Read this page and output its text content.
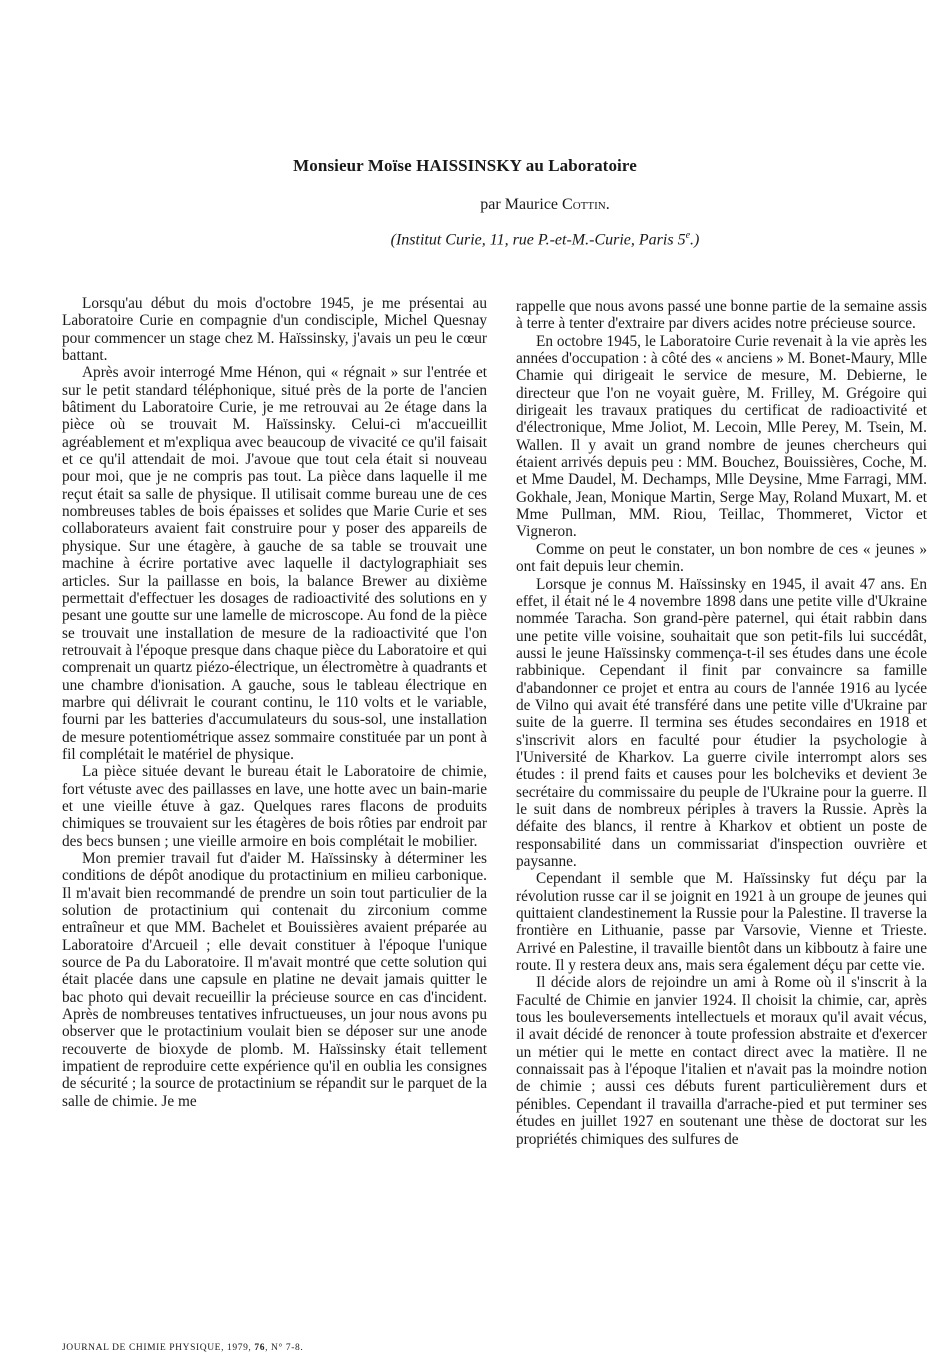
Monsieur Moïse HAISSINSKY au Laboratoire
par Maurice Cottin.
(Institut Curie, 11, rue P.-et-M.-Curie, Paris 5e.)

Lorsqu'au début du mois d'octobre 1945, je me présentai au Laboratoire Curie en compagnie d'un condisciple, Michel Quesnay pour commencer un stage chez M. Haïssinsky, j'avais un peu le cœur battant.

Après avoir interrogé Mme Hénon, qui « régnait » sur l'entrée et sur le petit standard téléphonique, situé près de la porte de l'ancien bâtiment du Laboratoire Curie, je me retrouvai au 2e étage dans la pièce où se trouvait M. Haïssinsky. Celui-ci m'accueillit agréablement et m'expliqua avec beaucoup de vivacité ce qu'il faisait et ce qu'il attendait de moi. J'avoue que tout cela était si nouveau pour moi, que je ne compris pas tout. La pièce dans laquelle il me reçut était sa salle de physique. Il utilisait comme bureau une de ces nombreuses tables de bois épaisses et solides que Marie Curie et ses collaborateurs avaient fait construire pour y poser des appareils de physique. Sur une étagère, à gauche de sa table se trouvait une machine à écrire portative avec laquelle il dactylographiait ses articles. Sur la paillasse en bois, la balance Brewer au dixième permettait d'effectuer les dosages de radioactivité des solutions en y pesant une goutte sur une lamelle de microscope. Au fond de la pièce se trouvait une installation de mesure de la radioactivité que l'on retrouvait à l'époque presque dans chaque pièce du Laboratoire et qui comprenait un quartz piézo-électrique, un électromètre à quadrants et une chambre d'ionisation. A gauche, sous le tableau électrique en marbre qui délivrait le courant continu, le 110 volts et le variable, fourni par les batteries d'accumulateurs du sous-sol, une installation de mesure potentiométrique assez sommaire constituée par un pont à fil complétait le matériel de physique.

La pièce située devant le bureau était le Laboratoire de chimie, fort vétuste avec des paillasses en lave, une hotte avec un bain-marie et une vieille étuve à gaz. Quelques rares flacons de produits chimiques se trouvaient sur les étagères de bois rôties par endroit par des becs bunsen ; une vieille armoire en bois complétait le mobilier.

Mon premier travail fut d'aider M. Haïssinsky à déterminer les conditions de dépôt anodique du protactinium en milieu carbonique. Il m'avait bien recommandé de prendre un soin tout particulier de la solution de protactinium qui contenait du zirconium comme entraîneur et que MM. Bachelet et Bouissières avaient préparée au Laboratoire d'Arcueil ; elle devait constituer à l'époque l'unique source de Pa du Laboratoire. Il m'avait montré que cette solution qui était placée dans une capsule en platine ne devait jamais quitter le bac photo qui devait recueillir la précieuse source en cas d'incident. Après de nombreuses tentatives infructueuses, un jour nous avons pu observer que le protactinium voulait bien se déposer sur une anode recouverte de bioxyde de plomb. M. Haïssinsky était tellement impatient de reproduire cette expérience qu'il en oublia les consignes de sécurité ; la source de protactinium se répandit sur le parquet de la salle de chimie. Je me

rappelle que nous avons passé une bonne partie de la semaine assis à terre à tenter d'extraire par divers acides notre précieuse source.

En octobre 1945, le Laboratoire Curie revenait à la vie après les années d'occupation : à côté des « anciens » M. Bonet-Maury, Mlle Chamie qui dirigeait le service de mesure, M. Debierne, le directeur que l'on ne voyait guère, M. Frilley, M. Grégoire qui dirigeait les travaux pratiques du certificat de radioactivité et d'électronique, Mme Joliot, M. Lecoin, Mlle Perey, M. Tsein, M. Wallen. Il y avait un grand nombre de jeunes chercheurs qui étaient arrivés depuis peu : MM. Bouchez, Bouissières, Coche, M. et Mme Daudel, M. Dechamps, Mlle Deysine, Mme Farragi, MM. Gokhale, Jean, Monique Martin, Serge May, Roland Muxart, M. et Mme Pullman, MM. Riou, Teillac, Thommeret, Victor et Vigneron.

Comme on peut le constater, un bon nombre de ces « jeunes » ont fait depuis leur chemin.

Lorsque je connus M. Haïssinsky en 1945, il avait 47 ans. En effet, il était né le 4 novembre 1898 dans une petite ville d'Ukraine nommée Taracha. Son grand-père paternel, qui était rabbin dans une petite ville voisine, souhaitait que son petit-fils lui succédât, aussi le jeune Haïssinsky commença-t-il ses études dans une école rabbinique. Cependant il finit par convaincre sa famille d'abandonner ce projet et entra au cours de l'année 1916 au lycée de Vilno qui avait été transféré dans une petite ville d'Ukraine par suite de la guerre. Il termina ses études secondaires en 1918 et s'inscrivit alors en faculté pour étudier la psychologie à l'Université de Kharkov. La guerre civile interrompt alors ses études : il prend faits et causes pour les bolcheviks et devient 3e secrétaire du commissaire du peuple de l'Ukraine pour la guerre. Il le suit dans de nombreux périples à travers la Russie. Après la défaite des blancs, il rentre à Kharkov et obtient un poste de responsabilité dans un commissariat d'inspection ouvrière et paysanne.

Cependant il semble que M. Haïssinsky fut déçu par la révolution russe car il se joignit en 1921 à un groupe de jeunes qui quittaient clandestinement la Russie pour la Palestine. Il traverse la frontière en Lithuanie, passe par Varsovie, Vienne et Trieste. Arrivé en Palestine, il travaille bientôt dans un kibboutz à faire une route. Il y restera deux ans, mais sera également déçu par cette vie.

Il décide alors de rejoindre un ami à Rome où il s'inscrit à la Faculté de Chimie en janvier 1924. Il choisit la chimie, car, après tous les bouleversements intellectuels et moraux qu'il avait vécus, il avait décidé de renoncer à toute profession abstraite et d'exercer un métier qui le mette en contact direct avec la matière. Il ne connaissait pas à l'époque l'italien et n'avait pas la moindre notion de chimie ; aussi ces débuts furent particulièrement durs et pénibles. Cependant il travailla d'arrache-pied et put terminer ses études en juillet 1927 en soutenant une thèse de doctorat sur les propriétés chimiques des sulfures de

JOURNAL DE CHIMIE PHYSIQUE, 1979, 76, N° 7-8.
